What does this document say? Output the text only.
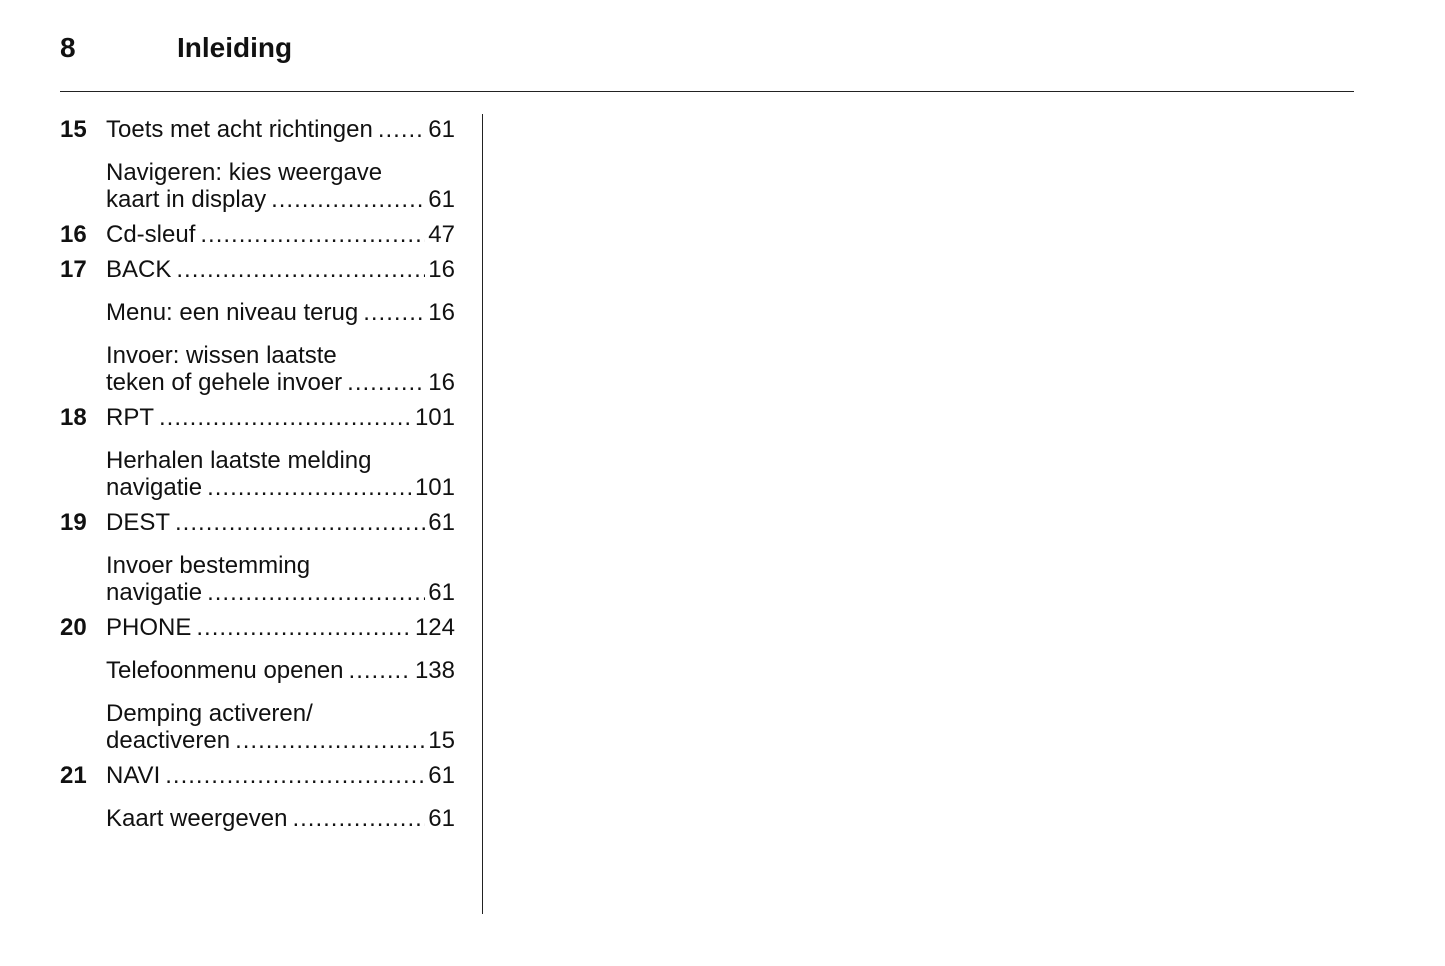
8	Inleiding
15 Toets met acht richtingen ..... 61
Navigeren: kies weergave
kaart in display .....	61
16 Cd-sleuf .....	47
17 BACK .....	16
Menu: een niveau terug .....	16
Invoer: wissen laatste
teken of gehele invoer .....	16
18 RPT .....	101
Herhalen laatste melding
navigatie .....	101
19 DEST .....	61
Invoer bestemming
navigatie .....	61
20 PHONE .....	124
Telefoonmenu openen .....	138
Demping activeren/
deactiveren .....	15
21 NAVI .....	61
Kaart weergeven .....	61
